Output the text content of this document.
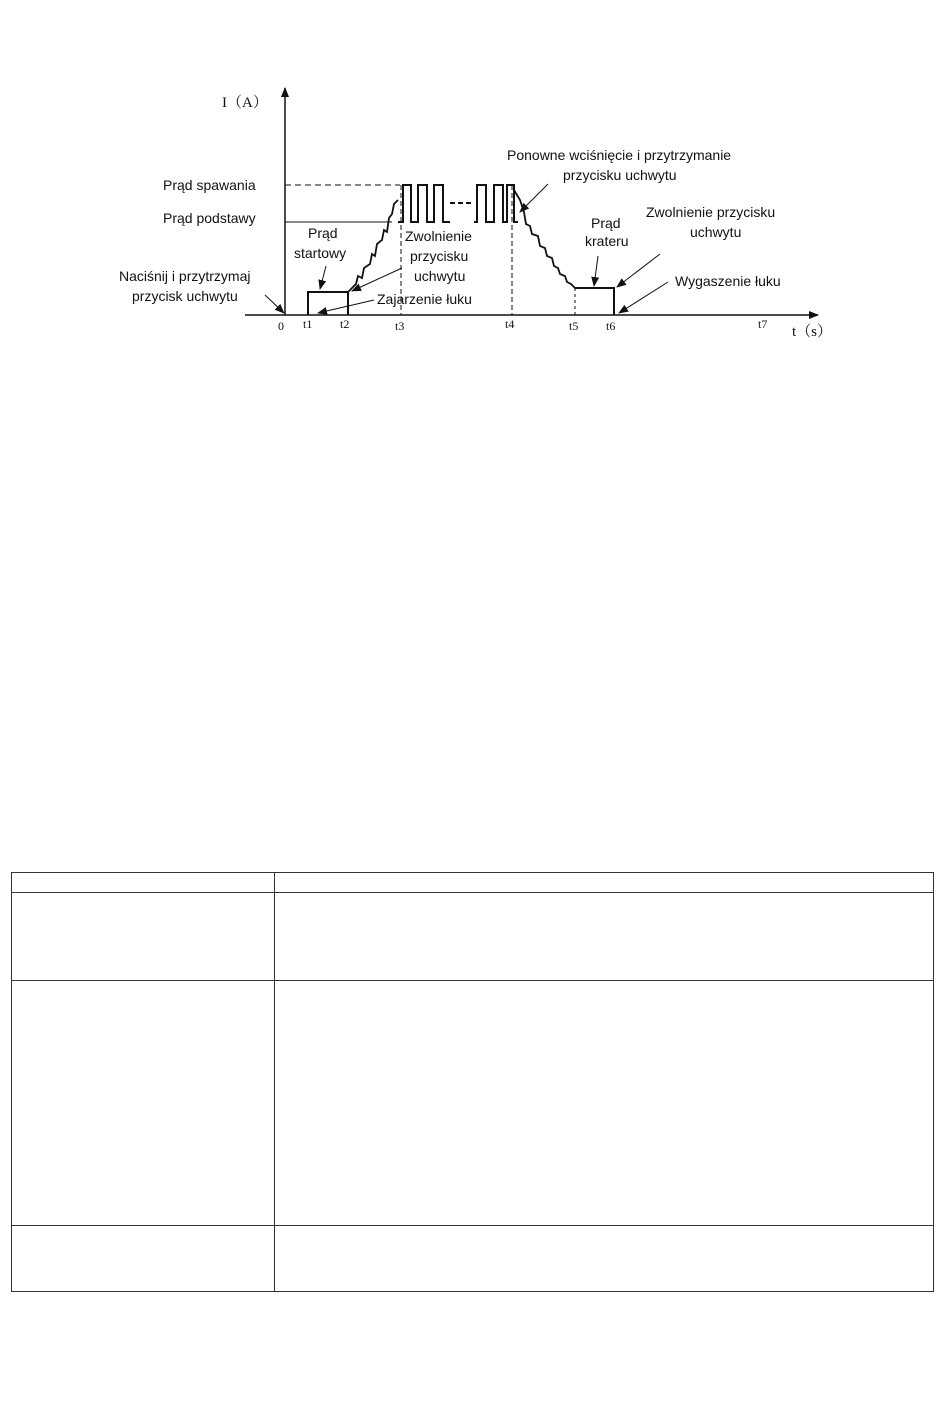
I（A）
t（s）
0 t1 t2	t3	t4	t5 t6	t7
Prąd spawania
Prąd podstawy
Prąd
startowy
Zwolnienie
przycisku
uchwytu
Naciśnij i przytrzymaj
przycisk uchwytu	Zajarzenie łuku
Ponowne wciśnięcie i przytrzymanie
przycisku uchwytu
Prąd
krateru
Zwolnienie przycisku
uchwytu
Wygaszenie łuku
